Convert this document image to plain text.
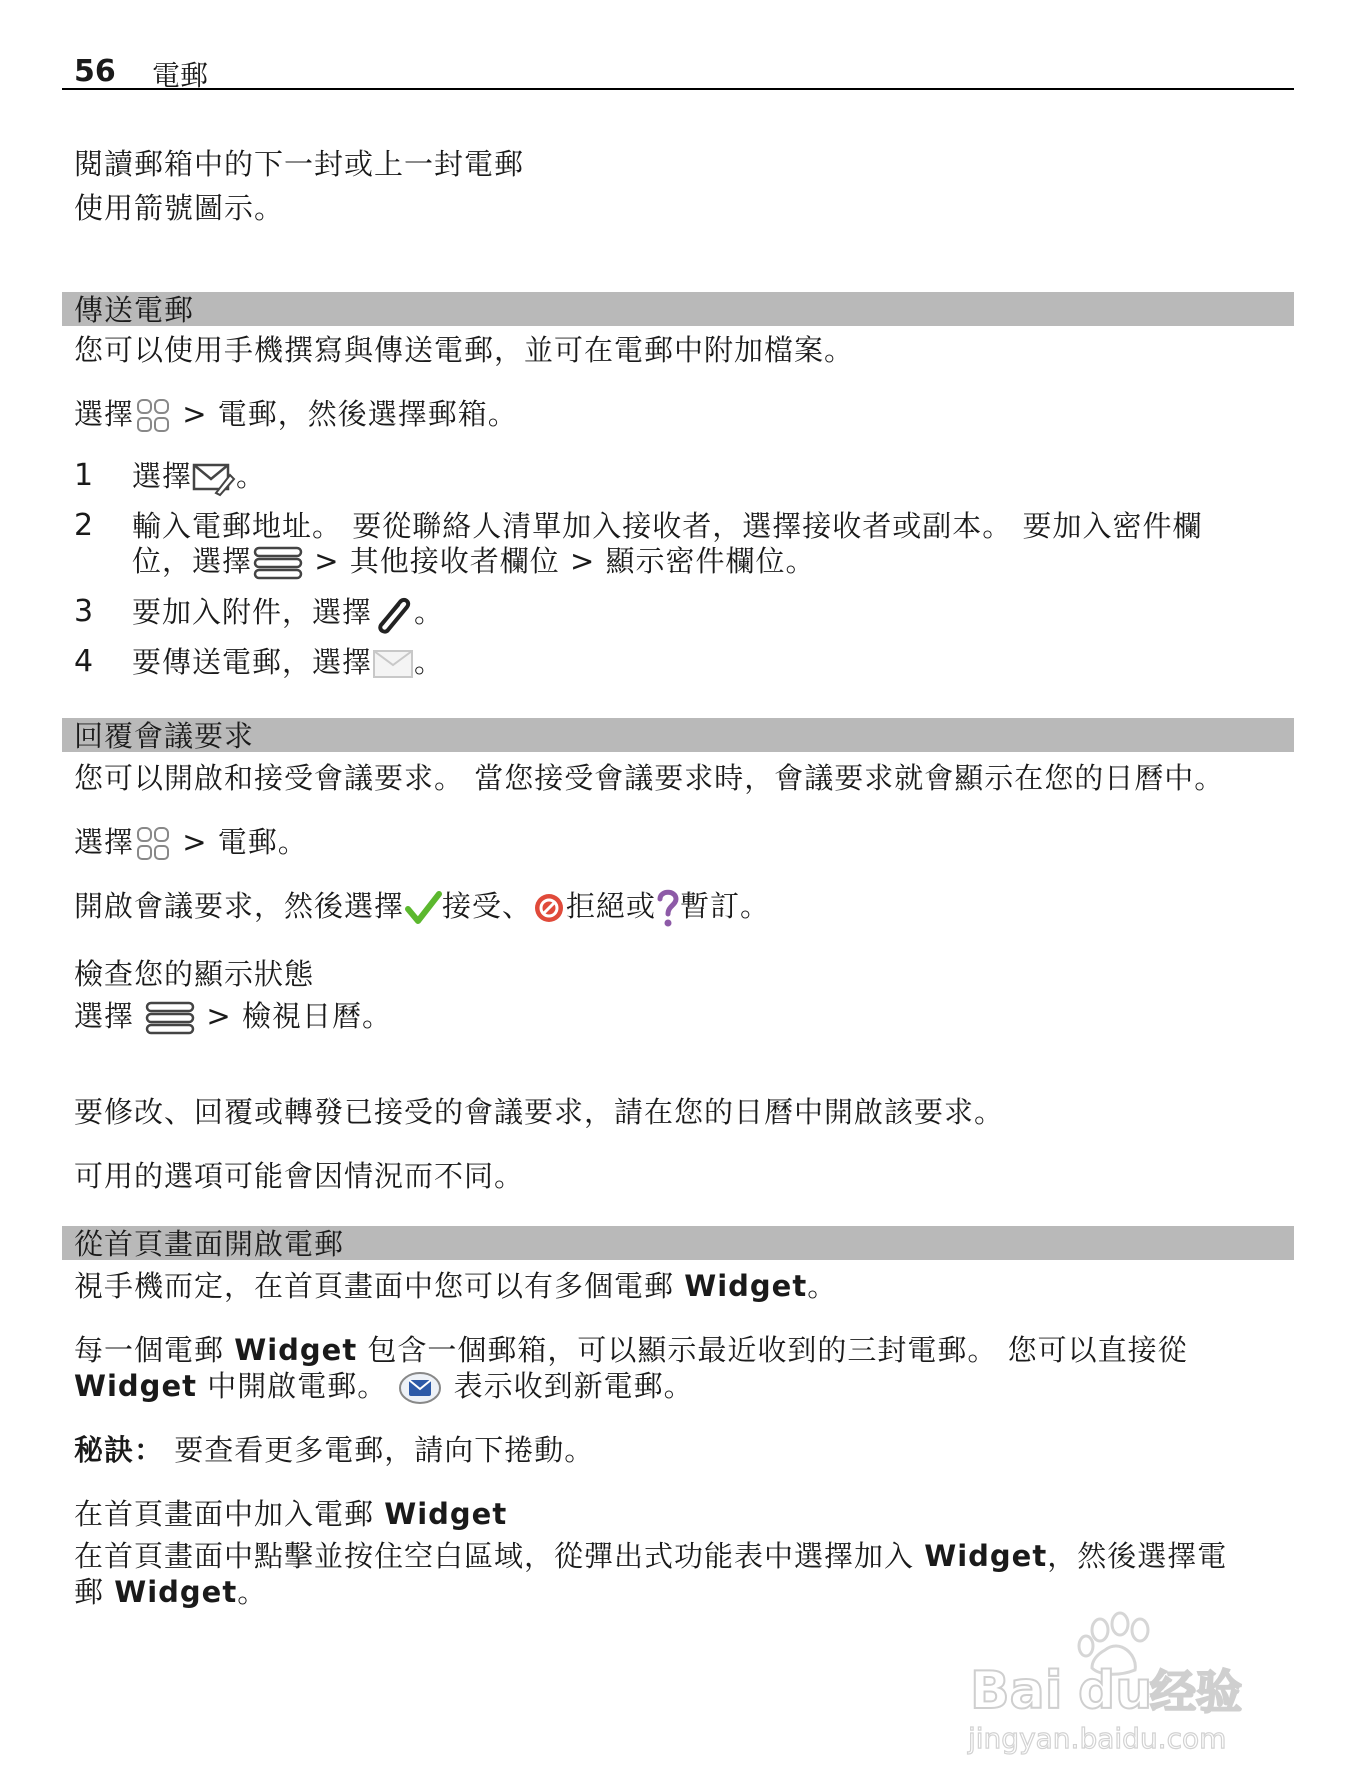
56 電郵
閱讀郵箱中的下一封或上一封電郵
使用箭號圖示。
傳送電郵
您可以使用手機撰寫與傳送電郵，並可在電郵中附加檔案。
選擇 > 電郵，然後選擇郵箱。
1 選擇 。
2 輸入電郵地址。 要從聯絡人清單加入接收者，選擇接收者或副本。 要加入密件欄
位，選擇 > 其他接收者欄位 > 顯示密件欄位。
3 要加入附件，選擇 。
4 要傳送電郵，選擇 。
回覆會議要求
您可以開啟和接受會議要求。 當您接受會議要求時，會議要求就會顯示在您的日曆中。
選擇 > 電郵。
開啟會議要求，然後選擇 接受、 拒絕或 暫訂。
檢查您的顯示狀態
選擇  > 檢視日曆。
要修改、回覆或轉發已接受的會議要求，請在您的日曆中開啟該要求。
可用的選項可能會因情況而不同。
從首頁畫面開啟電郵
視手機而定，在首頁畫面中您可以有多個電郵 Widget。
每一個電郵 Widget 包含一個郵箱，可以顯示最近收到的三封電郵。 您可以直接從
Widget 中開啟電郵。  表示收到新電郵。
秘訣： 要查看更多電郵，請向下捲動。
在首頁畫面中加入電郵 Widget
在首頁畫面中點擊並按住空白區域，從彈出式功能表中選擇加入 Widget，然後選擇電
郵 Widget。
Bai du
经验
jingyan.baidu.com
